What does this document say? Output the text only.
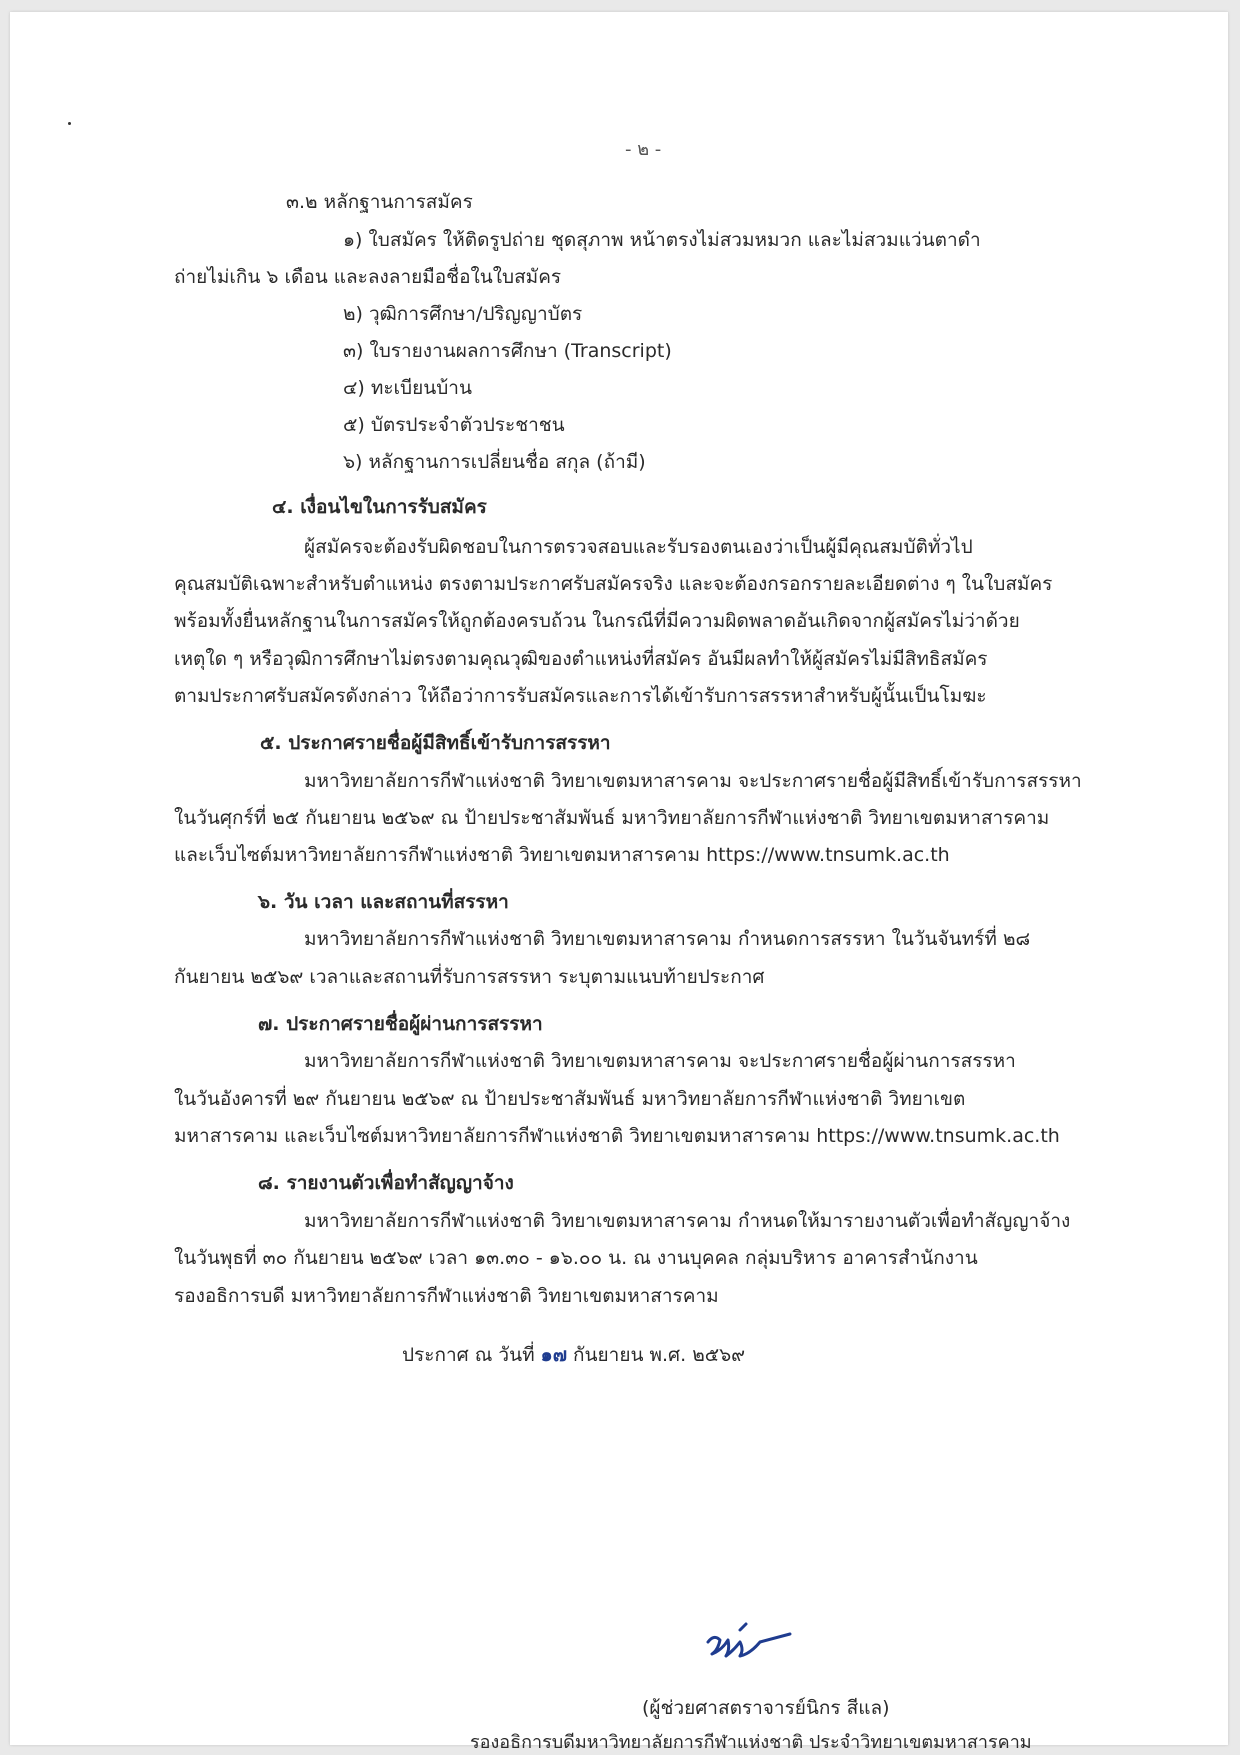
- ๒ -
๓.๒ หลักฐานการสมัคร
๑) ใบสมัคร ให้ติดรูปถ่าย ชุดสุภาพ หน้าตรงไม่สวมหมวก และไม่สวมแว่นตาดำ
ถ่ายไม่เกิน ๖ เดือน และลงลายมือชื่อในใบสมัคร
๒) วุฒิการศึกษา/ปริญญาบัตร
๓) ใบรายงานผลการศึกษา (Transcript)
๔) ทะเบียนบ้าน
๕) บัตรประจำตัวประชาชน
๖) หลักฐานการเปลี่ยนชื่อ สกุล (ถ้ามี)
๔. เงื่อนไขในการรับสมัคร
ผู้สมัครจะต้องรับผิดชอบในการตรวจสอบและรับรองตนเองว่าเป็นผู้มีคุณสมบัติทั่วไป
คุณสมบัติเฉพาะสำหรับตำแหน่ง ตรงตามประกาศรับสมัครจริง และจะต้องกรอกรายละเอียดต่าง ๆ ในใบสมัคร
พร้อมทั้งยื่นหลักฐานในการสมัครให้ถูกต้องครบถ้วน ในกรณีที่มีความผิดพลาดอันเกิดจากผู้สมัครไม่ว่าด้วย
เหตุใด ๆ หรือวุฒิการศึกษาไม่ตรงตามคุณวุฒิของตำแหน่งที่สมัคร อันมีผลทำให้ผู้สมัครไม่มีสิทธิสมัคร
ตามประกาศรับสมัครดังกล่าว ให้ถือว่าการรับสมัครและการได้เข้ารับการสรรหาสำหรับผู้นั้นเป็นโมฆะ
๕. ประกาศรายชื่อผู้มีสิทธิ์เข้ารับการสรรหา
มหาวิทยาลัยการกีฬาแห่งชาติ วิทยาเขตมหาสารคาม จะประกาศรายชื่อผู้มีสิทธิ์เข้ารับการสรรหา
ในวันศุกร์ที่ ๒๕ กันยายน ๒๕๖๙ ณ ป้ายประชาสัมพันธ์ มหาวิทยาลัยการกีฬาแห่งชาติ วิทยาเขตมหาสารคาม
และเว็บไซต์มหาวิทยาลัยการกีฬาแห่งชาติ วิทยาเขตมหาสารคาม https://www.tnsumk.ac.th
๖. วัน เวลา และสถานที่สรรหา
มหาวิทยาลัยการกีฬาแห่งชาติ วิทยาเขตมหาสารคาม กำหนดการสรรหา ในวันจันทร์ที่ ๒๘
กันยายน ๒๕๖๙ เวลาและสถานที่รับการสรรหา ระบุตามแนบท้ายประกาศ
๗. ประกาศรายชื่อผู้ผ่านการสรรหา
มหาวิทยาลัยการกีฬาแห่งชาติ วิทยาเขตมหาสารคาม จะประกาศรายชื่อผู้ผ่านการสรรหา
ในวันอังคารที่ ๒๙ กันยายน ๒๕๖๙ ณ ป้ายประชาสัมพันธ์ มหาวิทยาลัยการกีฬาแห่งชาติ วิทยาเขต
มหาสารคาม และเว็บไซต์มหาวิทยาลัยการกีฬาแห่งชาติ วิทยาเขตมหาสารคาม https://www.tnsumk.ac.th
๘. รายงานตัวเพื่อทำสัญญาจ้าง
มหาวิทยาลัยการกีฬาแห่งชาติ วิทยาเขตมหาสารคาม กำหนดให้มารายงานตัวเพื่อทำสัญญาจ้าง
ในวันพุธที่ ๓๐ กันยายน ๒๕๖๙ เวลา ๑๓.๓๐ - ๑๖.๐๐ น. ณ งานบุคคล กลุ่มบริหาร อาคารสำนักงาน
รองอธิการบดี มหาวิทยาลัยการกีฬาแห่งชาติ วิทยาเขตมหาสารคาม
ประกาศ ณ วันที่ ๑๗ กันยายน พ.ศ. ๒๕๖๙
(ผู้ช่วยศาสตราจารย์นิกร สีแล)
รองอธิการบดีมหาวิทยาลัยการกีฬาแห่งชาติ ประจำวิทยาเขตมหาสารคาม
